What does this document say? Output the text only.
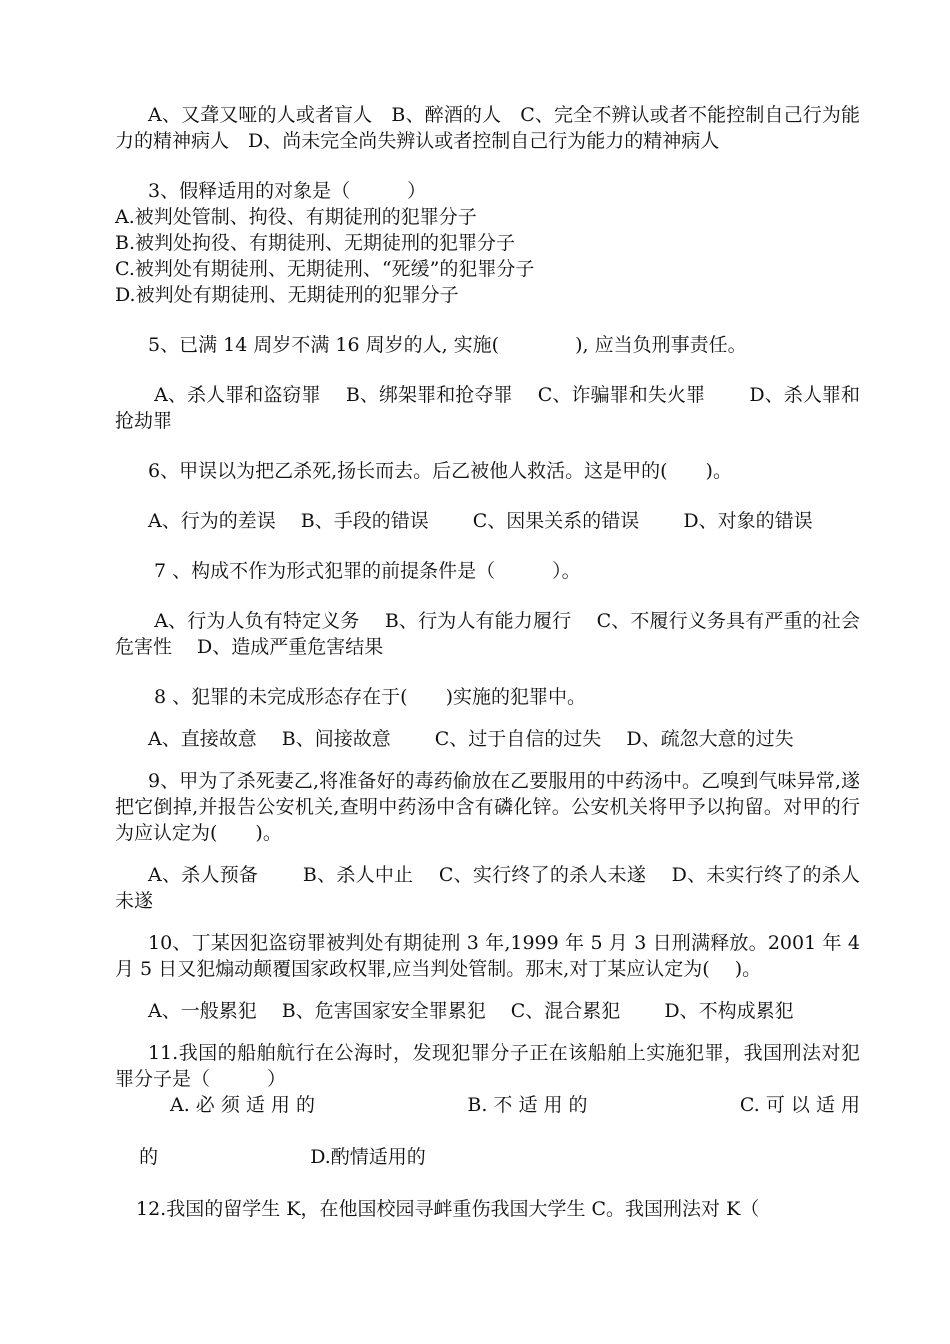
A、又聋又哑的人或者盲人　B、醉酒的人　C、完全不辨认或者不能控制自己行为能力的精神病人　D、尚未完全尚失辨认或者控制自己行为能力的精神病人

3、假释适用的对象是（　　　）

A.被判处管制、拘役、有期徒刑的犯罪分子

B.被判处拘役、有期徒刑、无期徒刑的犯罪分子

C.被判处有期徒刑、无期徒刑、“死缓”的犯罪分子

D.被判处有期徒刑、无期徒刑的犯罪分子

5、已满 14 周岁不满 16 周岁的人, 实施(　　　　), 应当负刑事责任。

A、杀人罪和盗窃罪　 B、绑架罪和抢夺罪　 C、诈骗罪和失火罪　　 D、杀人罪和抢劫罪

6、甲误以为把乙杀死,扬长而去。后乙被他人救活。这是甲的(　　)。

A、行为的差误　 B、手段的错误　　 C、因果关系的错误　　 D、对象的错误

7 、构成不作为形式犯罪的前提条件是（　　　）。

A、行为人负有特定义务　 B、行为人有能力履行　 C、不履行义务具有严重的社会危害性　 D、造成严重危害结果

8 、犯罪的未完成形态存在于(　　)实施的犯罪中。

A、直接故意　 B、间接故意　　 C、过于自信的过失　 D、疏忽大意的过失

9、甲为了杀死妻乙,将准备好的毒药偷放在乙要服用的中药汤中。乙嗅到气味异常,遂把它倒掉,并报告公安机关,查明中药汤中含有磷化锌。公安机关将甲予以拘留。对甲的行为应认定为(　　)。

A、杀人预备　　 B、杀人中止　 C、实行终了的杀人未遂　 D、未实行终了的杀人未遂

10、丁某因犯盗窃罪被判处有期徒刑 3 年,1999 年 5 月 3 日刑满释放。2001 年 4 月 5 日又犯煽动颠覆国家政权罪,应当判处管制。那末,对丁某应认定为(　 )。

A、一般累犯　 B、危害国家安全罪累犯　 C、混合累犯　　 D、不构成累犯

11.我国的船舶航行在公海时，发现犯罪分子正在该船舶上实施犯罪，我国刑法对犯罪分子是（　　　）

A. 必 须 适 用 的	B. 不 适 用 的	C. 可 以 适 用

的	D.酌情适用的

12.我国的留学生 K，在他国校园寻衅重伤我国大学生 C。我国刑法对 K（
